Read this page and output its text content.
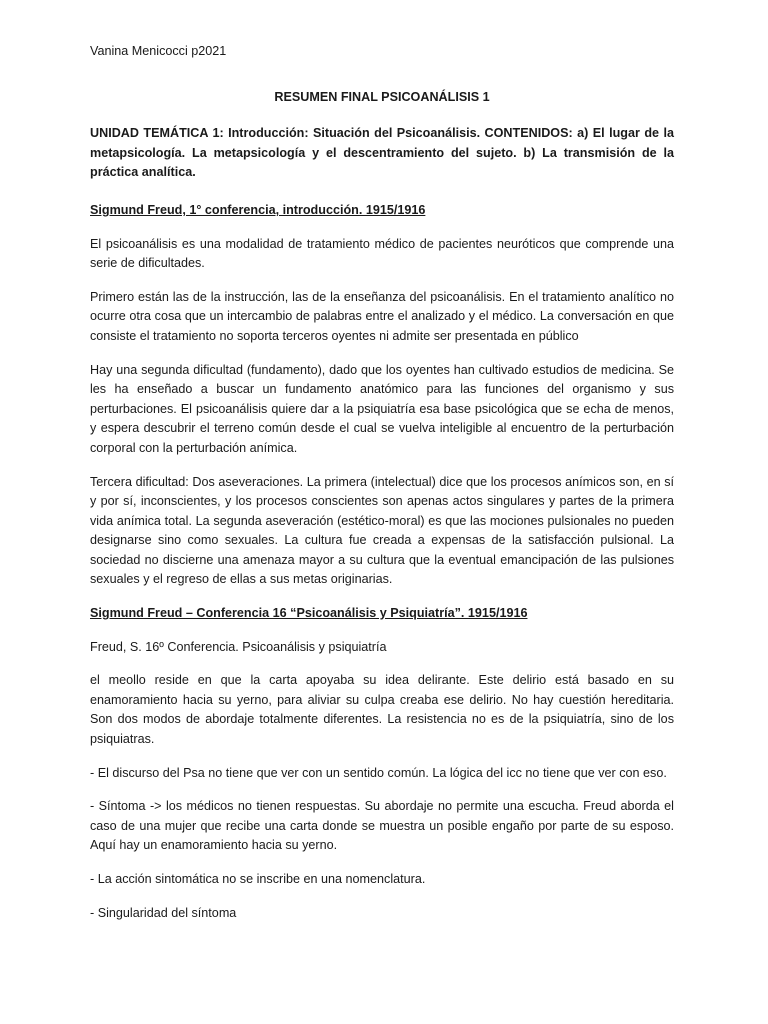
Vanina Menicocci p2021
RESUMEN FINAL PSICOANÁLISIS 1
UNIDAD TEMÁTICA 1: Introducción: Situación del Psicoanálisis. CONTENIDOS: a) El lugar de la metapsicología. La metapsicología y el descentramiento del sujeto. b) La transmisión de la práctica analítica.
Sigmund Freud, 1° conferencia, introducción. 1915/1916

El psicoanálisis es una modalidad de tratamiento médico de pacientes neuróticos que comprende una serie de dificultades.

Primero están las de la instrucción, las de la enseñanza del psicoanálisis. En el tratamiento analítico no ocurre otra cosa que un intercambio de palabras entre el analizado y el médico. La conversación en que consiste el tratamiento no soporta terceros oyentes ni admite ser presentada en público

Hay una segunda dificultad (fundamento), dado que los oyentes han cultivado estudios de medicina. Se les ha enseñado a buscar un fundamento anatómico para las funciones del organismo y sus perturbaciones. El psicoanálisis quiere dar a la psiquiatría esa base psicológica que se echa de menos, y espera descubrir el terreno común desde el cual se vuelva inteligible al encuentro de la perturbación corporal con la perturbación anímica.

Tercera dificultad: Dos aseveraciones. La primera (intelectual) dice que los procesos anímicos son, en sí y por sí, inconscientes, y los procesos conscientes son apenas actos singulares y partes de la primera vida anímica total. La segunda aseveración (estético-moral) es que las mociones pulsionales no pueden designarse sino como sexuales. La cultura fue creada a expensas de la satisfacción pulsional. La sociedad no discierne una amenaza mayor a su cultura que la eventual emancipación de las pulsiones sexuales y el regreso de ellas a sus metas originarias.

Sigmund Freud – Conferencia 16 “Psicoanálisis y Psiquiatría”. 1915/1916

Freud, S. 16º Conferencia. Psicoanálisis y psiquiatría

el meollo reside en que la carta apoyaba su idea delirante. Este delirio está basado en su enamoramiento hacia su yerno, para aliviar su culpa creaba ese delirio. No hay cuestión hereditaria. Son dos modos de abordaje totalmente diferentes. La resistencia no es de la psiquiatría, sino de los psiquiatras.

- El discurso del Psa no tiene que ver con un sentido común. La lógica del icc no tiene que ver con eso.

- Síntoma -> los médicos no tienen respuestas. Su abordaje no permite una escucha. Freud aborda el caso de una mujer que recibe una carta donde se muestra un posible engaño por parte de su esposo. Aquí hay un enamoramiento hacia su yerno.

- La acción sintomática no se inscribe en una nomenclatura.

- Singularidad del síntoma
